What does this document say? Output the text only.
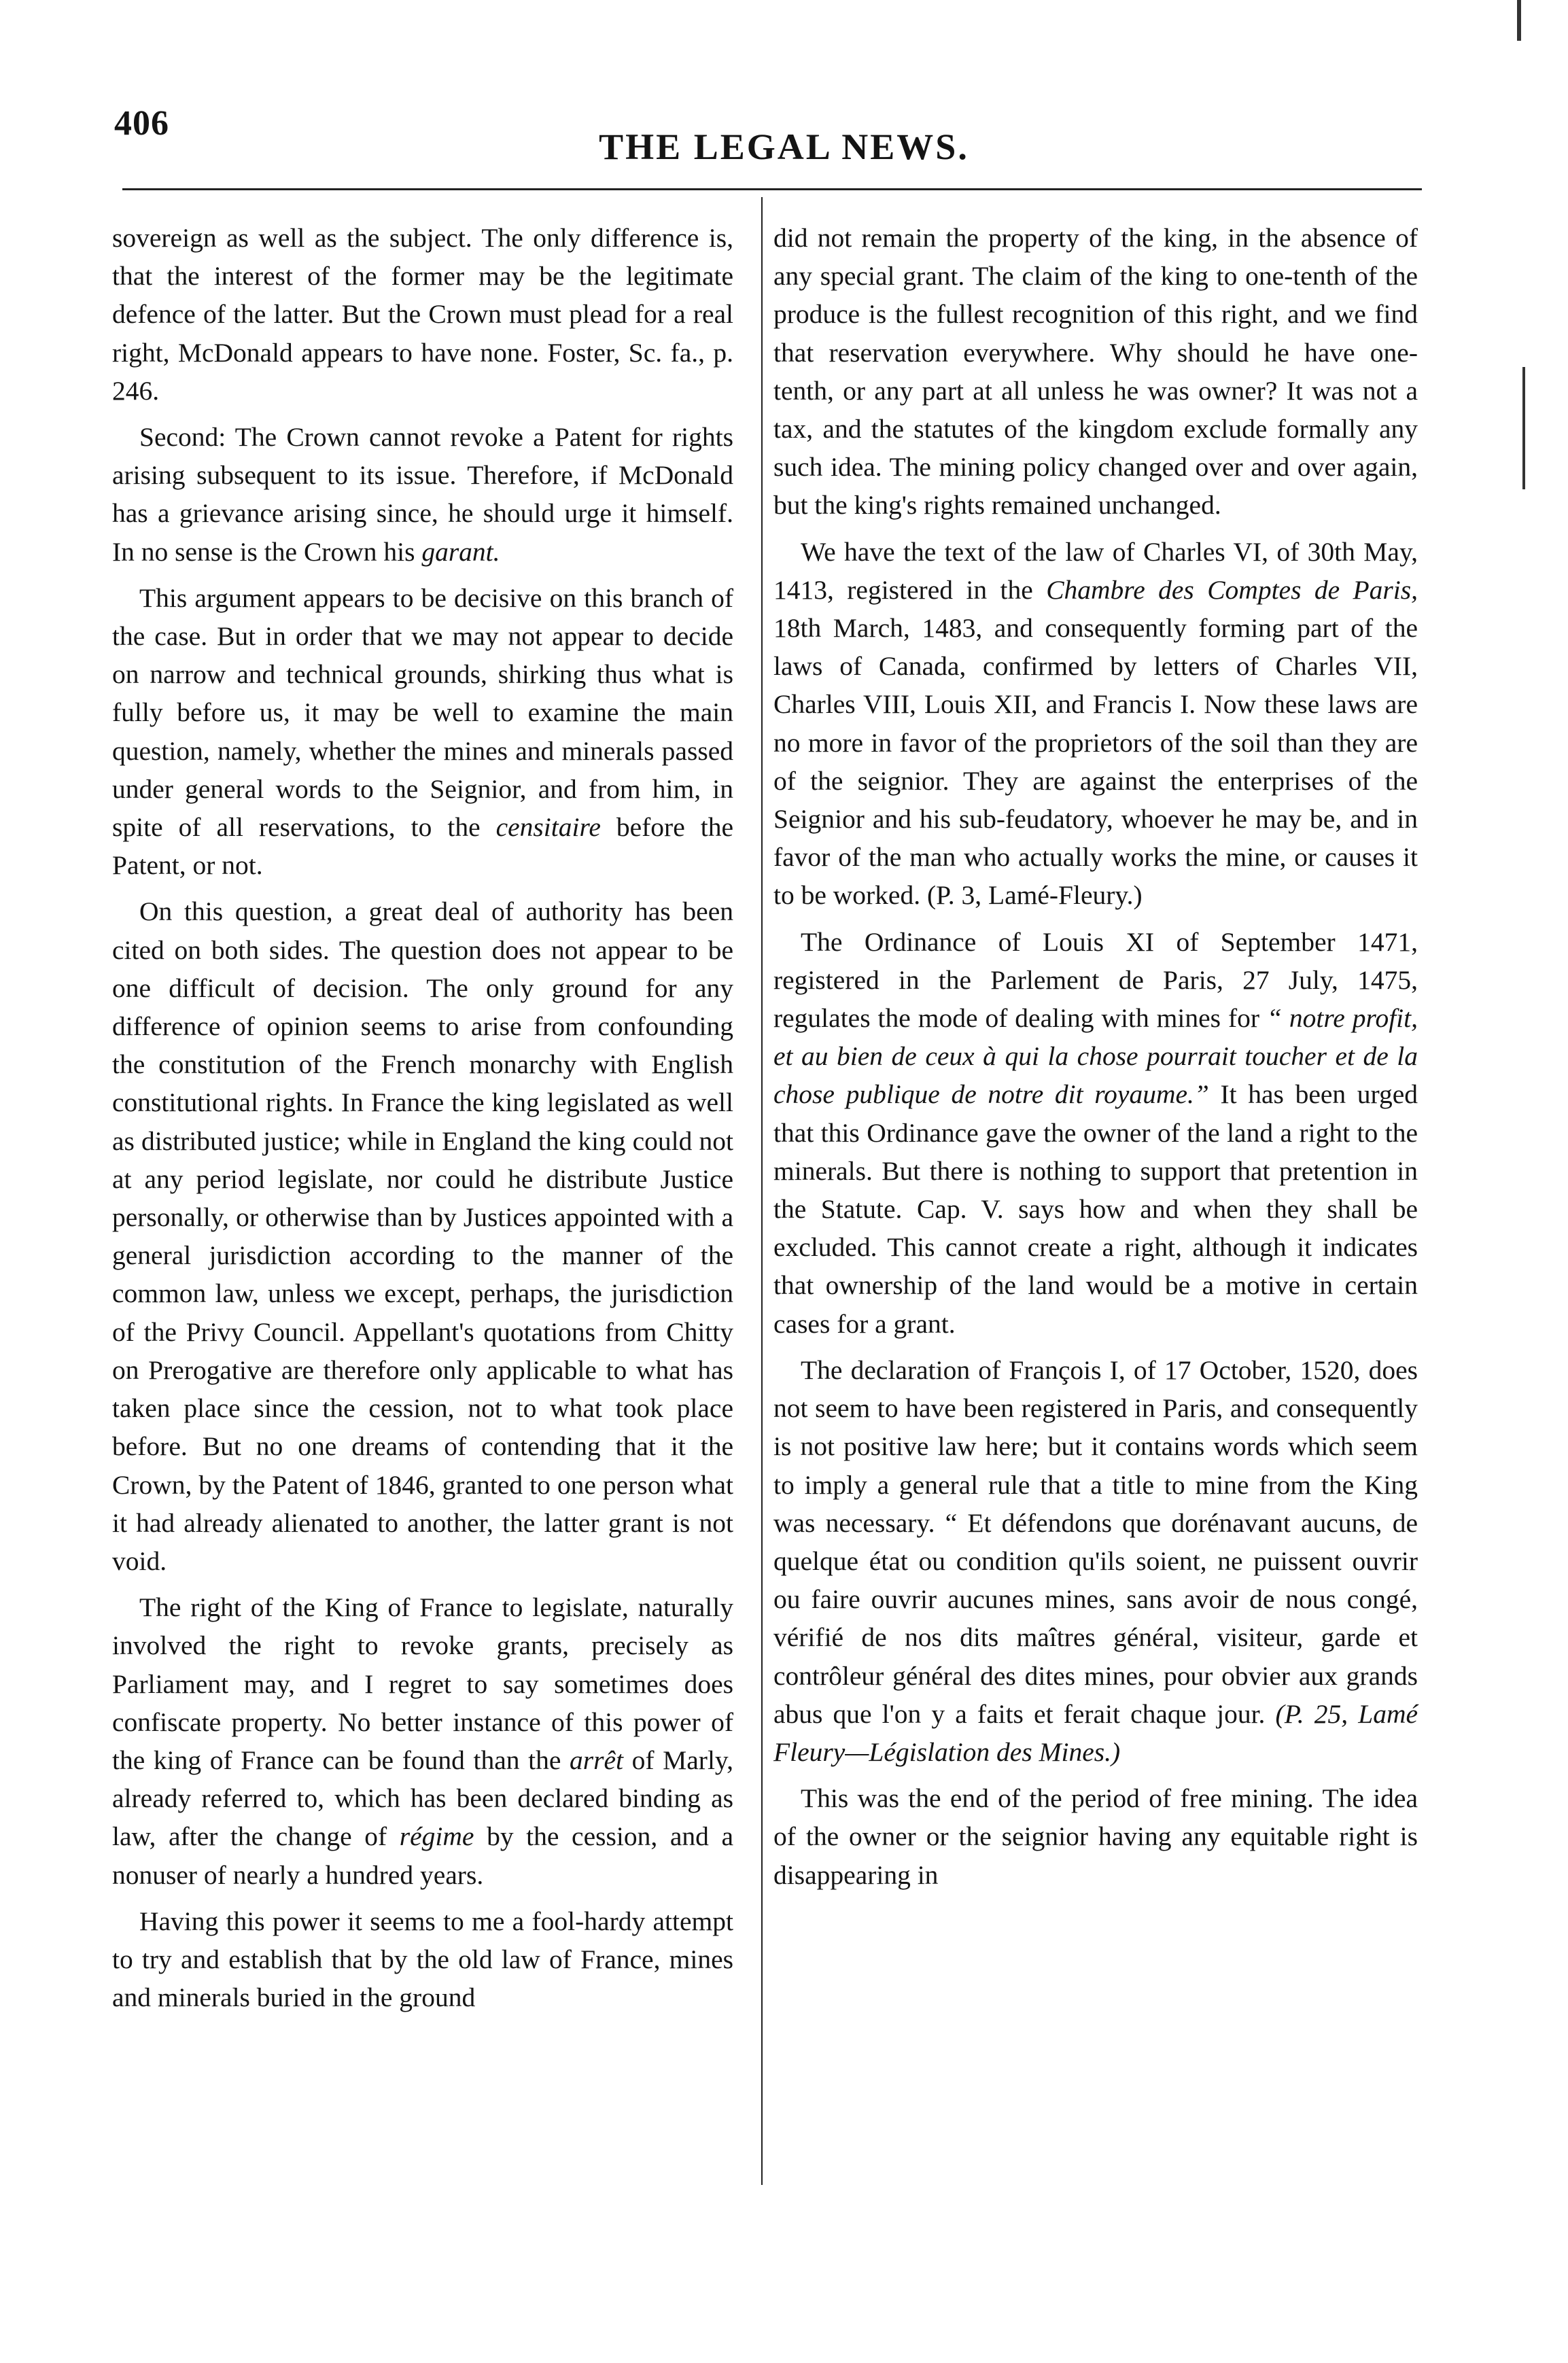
406
THE LEGAL NEWS.

sovereign as well as the subject. The only difference is, that the interest of the former may be the legitimate defence of the latter. But the Crown must plead for a real right, McDonald appears to have none. Foster, Sc. fa., p. 246.

Second: The Crown cannot revoke a Patent for rights arising subsequent to its issue. Therefore, if McDonald has a grievance arising since, he should urge it himself. In no sense is the Crown his garant.

This argument appears to be decisive on this branch of the case. But in order that we may not appear to decide on narrow and technical grounds, shirking thus what is fully before us, it may be well to examine the main question, namely, whether the mines and minerals passed under general words to the Seignior, and from him, in spite of all reservations, to the censitaire before the Patent, or not.

On this question, a great deal of authority has been cited on both sides. The question does not appear to be one difficult of decision. The only ground for any difference of opinion seems to arise from confounding the constitution of the French monarchy with English constitutional rights. In France the king legislated as well as distributed justice; while in England the king could not at any period legislate, nor could he distribute Justice personally, or otherwise than by Justices appointed with a general jurisdiction according to the manner of the common law, unless we except, perhaps, the jurisdiction of the Privy Council. Appellant's quotations from Chitty on Prerogative are therefore only applicable to what has taken place since the cession, not to what took place before. But no one dreams of contending that it the Crown, by the Patent of 1846, granted to one person what it had already alienated to another, the latter grant is not void.

The right of the King of France to legislate, naturally involved the right to revoke grants, precisely as Parliament may, and I regret to say sometimes does confiscate property. No better instance of this power of the king of France can be found than the arrêt of Marly, already referred to, which has been declared binding as law, after the change of régime by the cession, and a nonuser of nearly a hundred years.

Having this power it seems to me a fool-hardy attempt to try and establish that by the old law of France, mines and minerals buried in the ground

did not remain the property of the king, in the absence of any special grant. The claim of the king to one-tenth of the produce is the fullest recognition of this right, and we find that reservation everywhere. Why should he have one-tenth, or any part at all unless he was owner? It was not a tax, and the statutes of the kingdom exclude formally any such idea. The mining policy changed over and over again, but the king's rights remained unchanged.

We have the text of the law of Charles VI, of 30th May, 1413, registered in the Chambre des Comptes de Paris, 18th March, 1483, and consequently forming part of the laws of Canada, confirmed by letters of Charles VII, Charles VIII, Louis XII, and Francis I. Now these laws are no more in favor of the proprietors of the soil than they are of the seignior. They are against the enterprises of the Seignior and his sub-feudatory, whoever he may be, and in favor of the man who actually works the mine, or causes it to be worked. (P. 3, Lamé-Fleury.)

The Ordinance of Louis XI of September 1471, registered in the Parlement de Paris, 27 July, 1475, regulates the mode of dealing with mines for “ notre profit, et au bien de ceux à qui la chose pourrait toucher et de la chose publique de notre dit royaume.” It has been urged that this Ordinance gave the owner of the land a right to the minerals. But there is nothing to support that pretention in the Statute. Cap. V. says how and when they shall be excluded. This cannot create a right, although it indicates that ownership of the land would be a motive in certain cases for a grant.

The declaration of François I, of 17 October, 1520, does not seem to have been registered in Paris, and consequently is not positive law here; but it contains words which seem to imply a general rule that a title to mine from the King was necessary. “ Et défendons que dorénavant aucuns, de quelque état ou condition qu'ils soient, ne puissent ouvrir ou faire ouvrir aucunes mines, sans avoir de nous congé, vérifié de nos dits maîtres général, visiteur, garde et contrôleur général des dites mines, pour obvier aux grands abus que l'on y a faits et ferait chaque jour. (P. 25, Lamé Fleury—Législation des Mines.)

This was the end of the period of free mining. The idea of the owner or the seignior having any equitable right is disappearing in
